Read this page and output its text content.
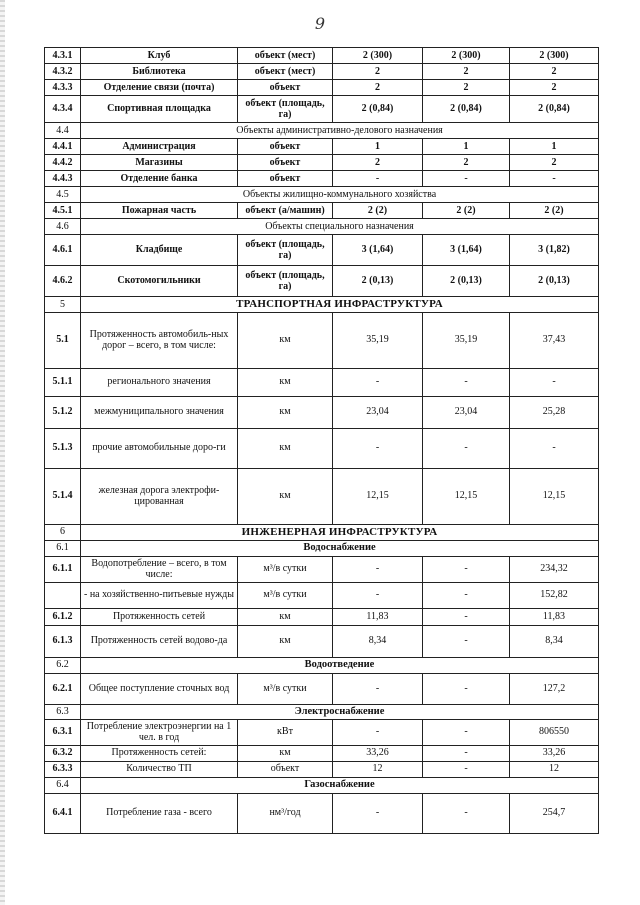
9
4.3.1	Клуб	объект (мест)	2 (300)	2 (300)	2 (300)
4.3.2	Библиотека	объект (мест)	2	2	2
4.3.3	Отделение связи (почта)	объект	2	2	2
4.3.4	Спортивная площадка	объект (площадь, га)	2 (0,84)	2 (0,84)	2 (0,84)
4.4	Объекты административно-делового назначения				
4.4.1	Администрация	объект	1	1	1
4.4.2	Магазины	объект	2	2	2
4.4.3	Отделение банка	объект	-	-	-
4.5	Объекты жилищно-коммунального хозяйства				
4.5.1	Пожарная часть	объект (а/машин)	2 (2)	2 (2)	2 (2)
4.6	Объекты специального назначения				
4.6.1	Кладбище	объект (площадь, га)	3 (1,64)	3 (1,64)	3 (1,82)
4.6.2	Скотомогильники	объект (площадь, га)	2 (0,13)	2 (0,13)	2 (0,13)
5	ТРАНСПОРТНАЯ ИНФРАСТРУКТУРА				
5.1	Протяженность автомобиль-ных дорог – всего, в том числе:	км	35,19	35,19	37,43
5.1.1	регионального значения	км	-	-	-
5.1.2	межмуниципального значения	км	23,04	23,04	25,28
5.1.3	прочие автомобильные доро-ги	км	-	-	-
5.1.4	железная дорога электрофи-цированная	км	12,15	12,15	12,15
6	ИНЖЕНЕРНАЯ ИНФРАСТРУКТУРА				
6.1	Водоснабжение				
6.1.1	Водопотребление – всего, в том числе:	м³/в сутки	-	-	234,32
	- на хозяйственно-питьевые нужды	м³/в сутки	-	-	152,82
6.1.2	Протяженность сетей	км	11,83	-	11,83
6.1.3	Протяженность сетей водово-да	км	8,34	-	8,34
6.2	Водоотведение				
6.2.1	Общее поступление сточных вод	м³/в сутки	-	-	127,2
6.3	Электроснабжение				
6.3.1	Потребление электроэнергии на 1 чел. в год	кВт	-	-	806550
6.3.2	Протяженность сетей:	км	33,26	-	33,26
6.3.3	Количество ТП	объект	12	-	12
6.4	Газоснабжение				
6.4.1	Потребление газа - всего	нм³/год	-	-	254,7
